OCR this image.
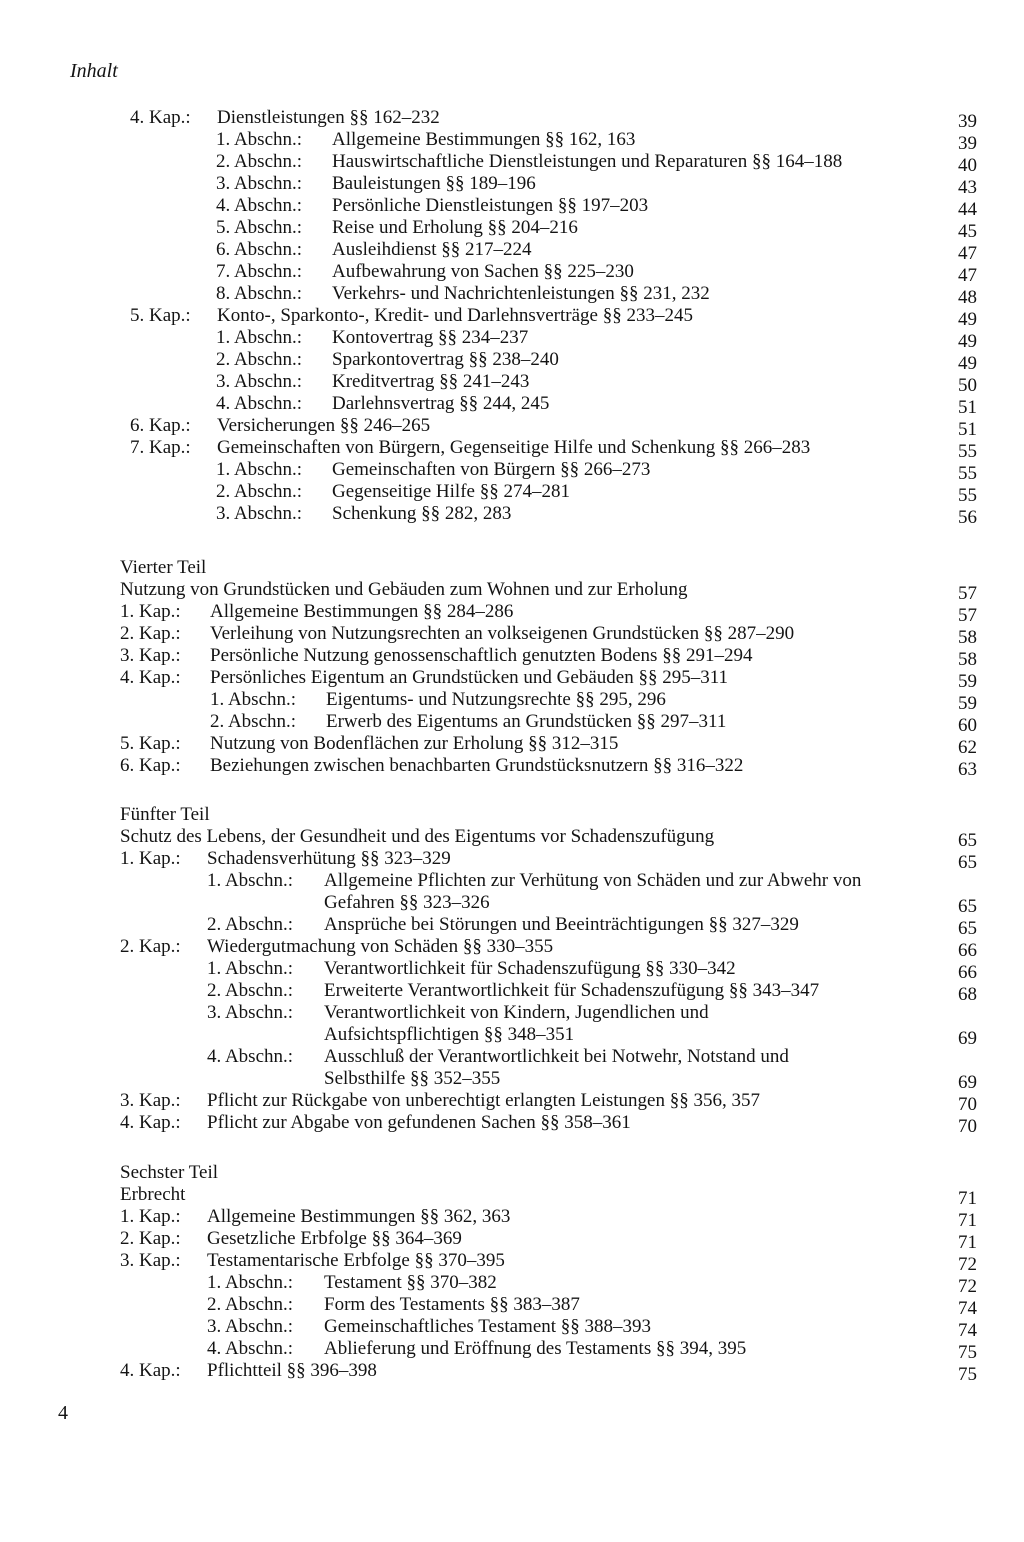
Inhalt
4. Kap.: Dienstleistungen §§ 162–232	39
1. Abschn.: Allgemeine Bestimmungen §§ 162, 163	39
2. Abschn.: Hauswirtschaftliche Dienstleistungen und Reparaturen §§ 164–188	40
3. Abschn.: Bauleistungen §§ 189–196	43
4. Abschn.: Persönliche Dienstleistungen §§ 197–203	44
5. Abschn.: Reise und Erholung §§ 204–216	45
6. Abschn.: Ausleihdienst §§ 217–224	47
7. Abschn.: Aufbewahrung von Sachen §§ 225–230	47
8. Abschn.: Verkehrs- und Nachrichtenleistungen §§ 231, 232	48
5. Kap.: Konto-, Sparkonto-, Kredit- und Darlehnsverträge §§ 233–245	49
1. Abschn.: Kontovertrag §§ 234–237	49
2. Abschn.: Sparkontovertrag §§ 238–240	49
3. Abschn.: Kreditvertrag §§ 241–243	50
4. Abschn.: Darlehnsvertrag §§ 244, 245	51
6. Kap.: Versicherungen §§ 246–265	51
7. Kap.: Gemeinschaften von Bürgern, Gegenseitige Hilfe und Schenkung §§ 266–283	55
1. Abschn.: Gemeinschaften von Bürgern §§ 266–273	55
2. Abschn.: Gegenseitige Hilfe §§ 274–281	55
3. Abschn.: Schenkung §§ 282, 283	56
Vierter Teil
Nutzung von Grundstücken und Gebäuden zum Wohnen und zur Erholung	57
1. Kap.: Allgemeine Bestimmungen §§ 284–286	57
2. Kap.: Verleihung von Nutzungsrechten an volkseigenen Grundstücken §§ 287–290	58
3. Kap.: Persönliche Nutzung genossenschaftlich genutzten Bodens §§ 291–294	58
4. Kap.: Persönliches Eigentum an Grundstücken und Gebäuden §§ 295–311	59
1. Abschn.: Eigentums- und Nutzungsrechte §§ 295, 296	59
2. Abschn.: Erwerb des Eigentums an Grundstücken §§ 297–311	60
5. Kap.: Nutzung von Bodenflächen zur Erholung §§ 312–315	62
6. Kap.: Beziehungen zwischen benachbarten Grundstücksnutzern §§ 316–322	63
Fünfter Teil
Schutz des Lebens, der Gesundheit und des Eigentums vor Schadenszufügung	65
1. Kap.: Schadensverhütung §§ 323–329	65
1. Abschn.: Allgemeine Pflichten zur Verhütung von Schäden und zur Abwehr von
Gefahren §§ 323–326	65
2. Abschn.: Ansprüche bei Störungen und Beeinträchtigungen §§ 327–329	65
2. Kap.: Wiedergutmachung von Schäden §§ 330–355	66
1. Abschn.: Verantwortlichkeit für Schadenszufügung §§ 330–342	66
2. Abschn.: Erweiterte Verantwortlichkeit für Schadenszufügung §§ 343–347	68
3. Abschn.: Verantwortlichkeit von Kindern, Jugendlichen und
Aufsichtspflichtigen §§ 348–351	69
4. Abschn.: Ausschluß der Verantwortlichkeit bei Notwehr, Notstand und
Selbsthilfe §§ 352–355	69
3. Kap.: Pflicht zur Rückgabe von unberechtigt erlangten Leistungen §§ 356, 357	70
4. Kap.: Pflicht zur Abgabe von gefundenen Sachen §§ 358–361	70
Sechster Teil
Erbrecht	71
1. Kap.: Allgemeine Bestimmungen §§ 362, 363	71
2. Kap.: Gesetzliche Erbfolge §§ 364–369	71
3. Kap.: Testamentarische Erbfolge §§ 370–395	72
1. Abschn.: Testament §§ 370–382	72
2. Abschn.: Form des Testaments §§ 383–387	74
3. Abschn.: Gemeinschaftliches Testament §§ 388–393	74
4. Abschn.: Ablieferung und Eröffnung des Testaments §§ 394, 395	75
4. Kap.: Pflichtteil §§ 396–398	75
4
